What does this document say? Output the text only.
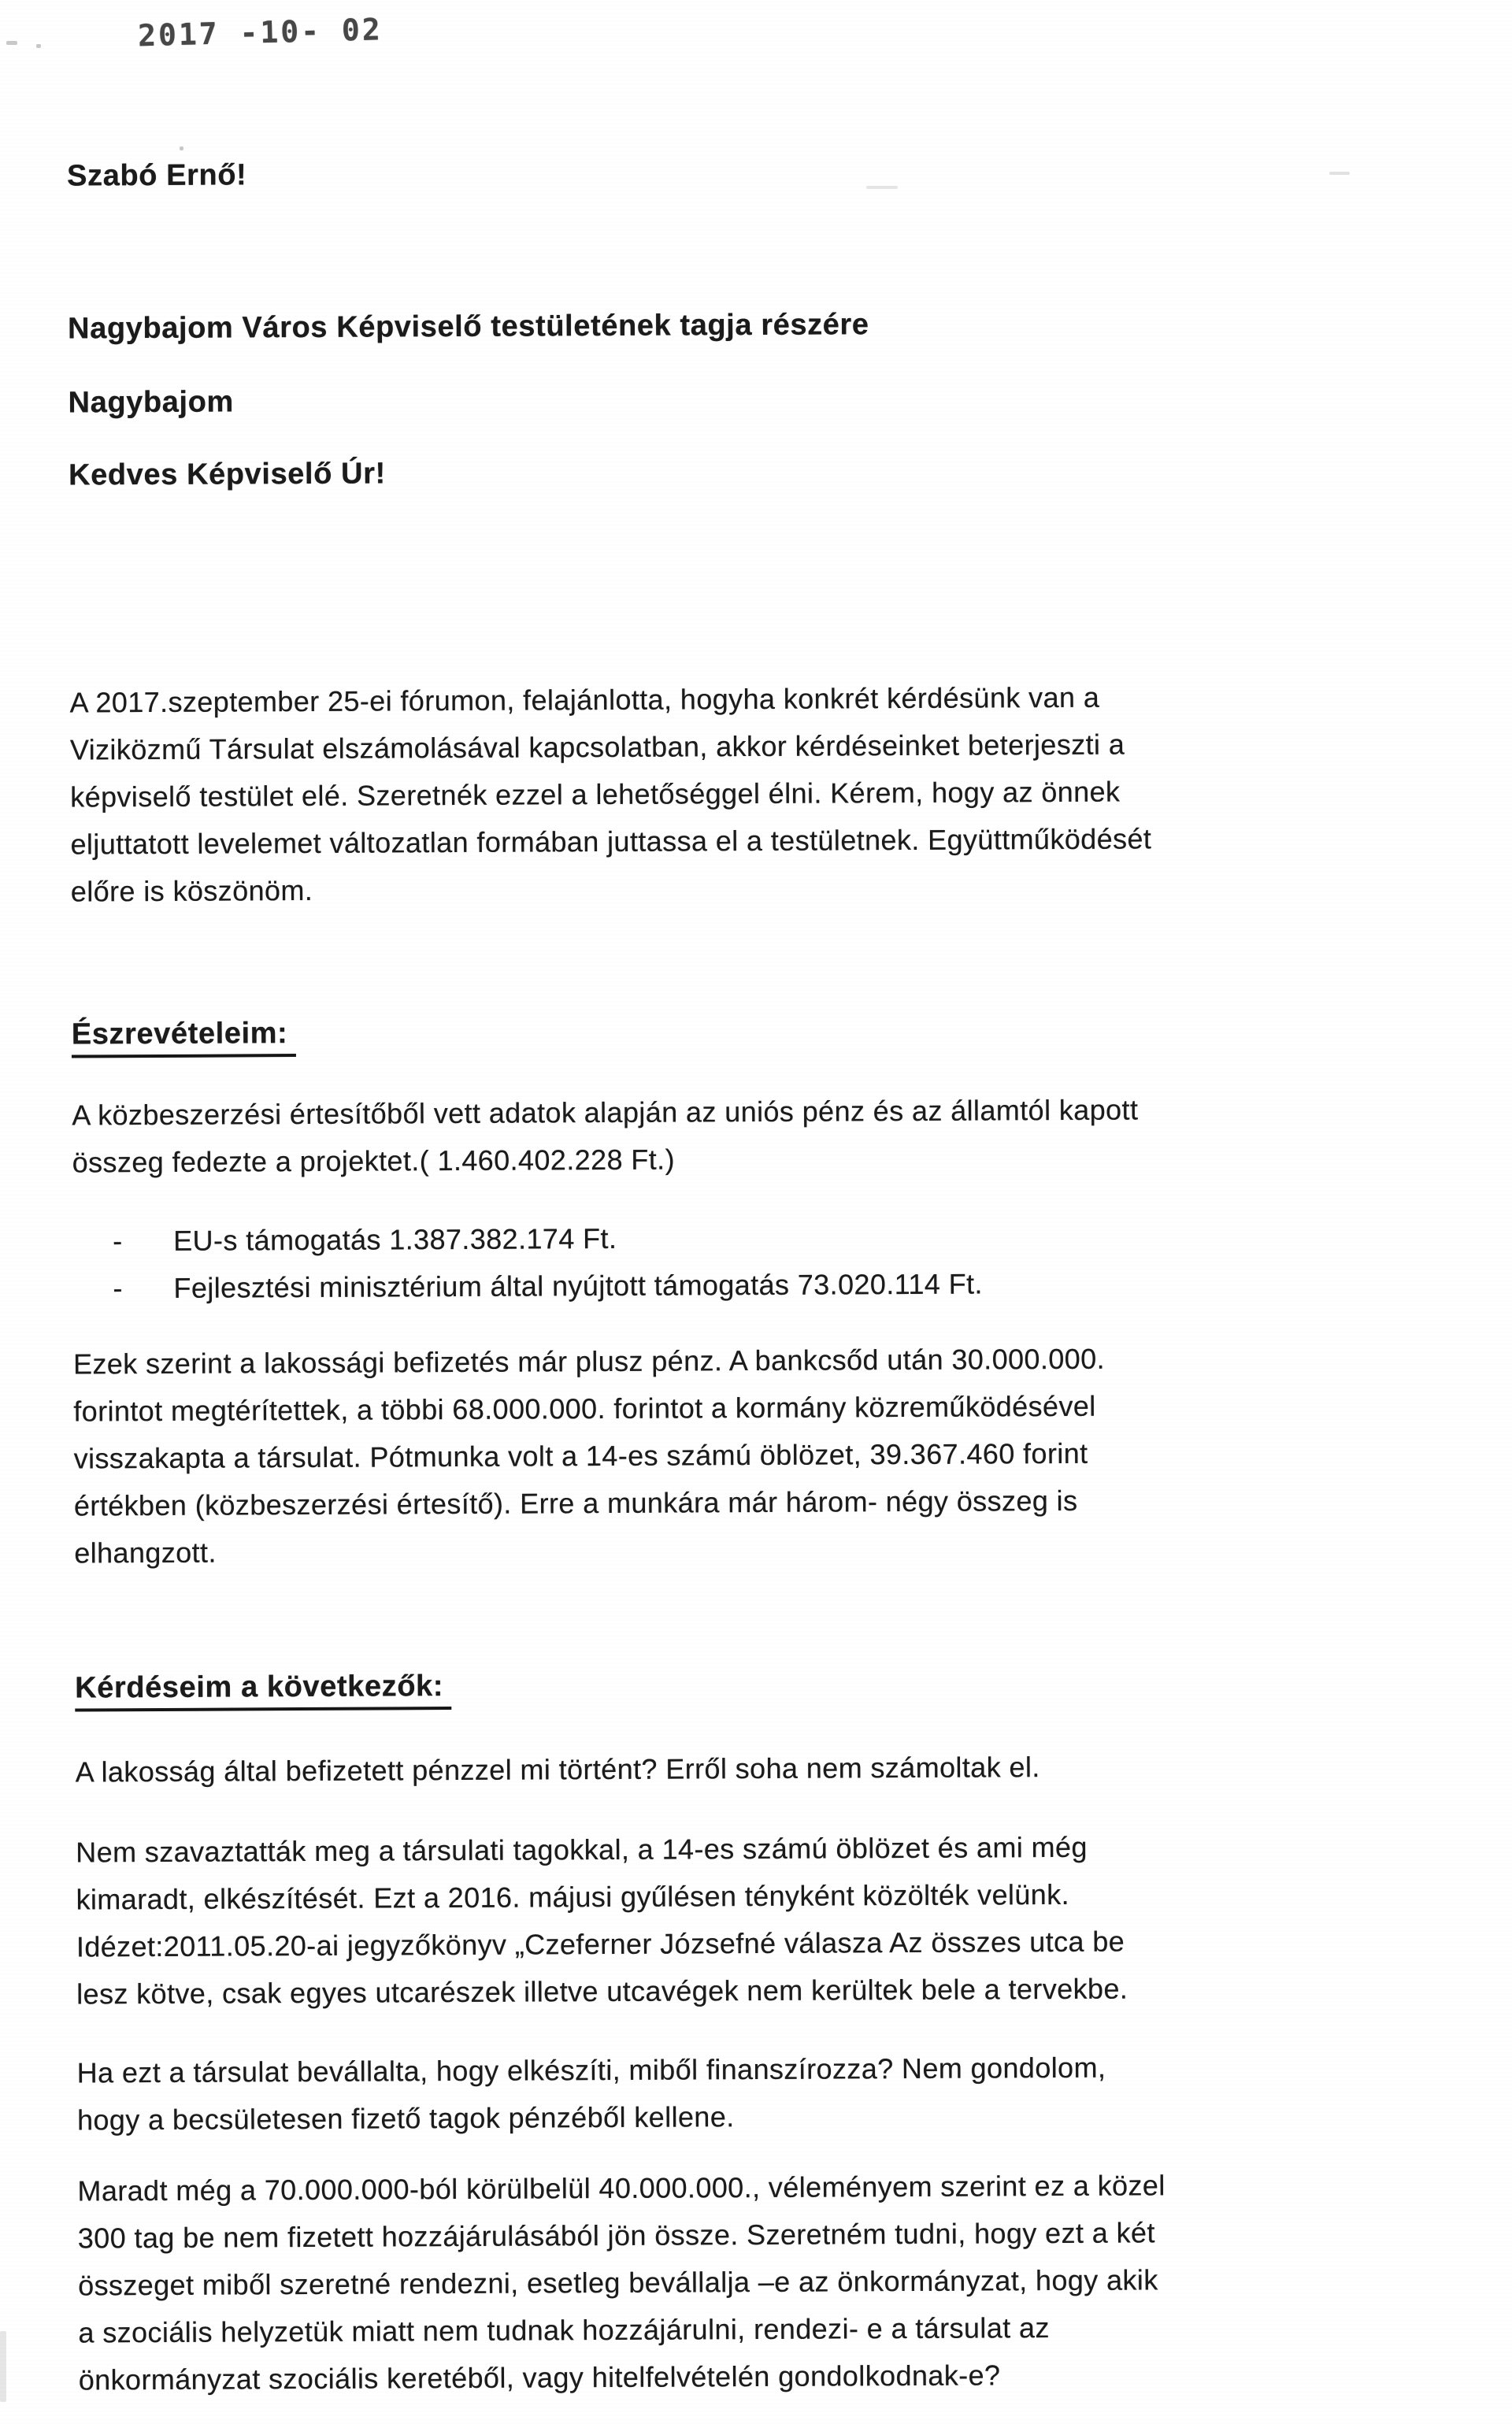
2017 -10- 02
Szabó Ernő!
Nagybajom Város Képviselő testületének tagja részére
Nagybajom
Kedves Képviselő Úr!
A 2017.szeptember 25-ei fórumon, felajánlotta, hogyha konkrét kérdésünk van a
Viziközmű Társulat elszámolásával kapcsolatban, akkor kérdéseinket beterjeszti a
képviselő testület elé. Szeretnék ezzel a lehetőséggel élni. Kérem, hogy az önnek
eljuttatott levelemet változatlan formában juttassa el a testületnek. Együttműködését
előre is köszönöm.
Észrevételeim:
A közbeszerzési értesítőből vett adatok alapján az uniós pénz és az államtól kapott
összeg fedezte a projektet.( 1.460.402.228 Ft.)
-	EU-s támogatás 1.387.382.174 Ft.
-	Fejlesztési minisztérium által nyújtott támogatás 73.020.114 Ft.
Ezek szerint a lakossági befizetés már plusz pénz. A bankcsőd után 30.000.000.
forintot megtérítettek, a többi 68.000.000. forintot a kormány közreműködésével
visszakapta a társulat. Pótmunka volt a 14-es számú öblözet, 39.367.460 forint
értékben (közbeszerzési értesítő). Erre a munkára már három- négy összeg is
elhangzott.
Kérdéseim a következők:
A lakosság által befizetett pénzzel mi történt? Erről soha nem számoltak el.
Nem szavaztatták meg a társulati tagokkal, a 14-es számú öblözet és ami még
kimaradt, elkészítését. Ezt a 2016. májusi gyűlésen tényként közölték velünk.
Idézet:2011.05.20-ai jegyzőkönyv „Czeferner Józsefné válasza Az összes utca be
lesz kötve, csak egyes utcarészek illetve utcavégek nem kerültek bele a tervekbe.
Ha ezt a társulat bevállalta, hogy elkészíti, miből finanszírozza? Nem gondolom,
hogy a becsületesen fizető tagok pénzéből kellene.
Maradt még a 70.000.000-ból körülbelül 40.000.000., véleményem szerint ez a közel
300 tag be nem fizetett hozzájárulásából jön össze. Szeretném tudni, hogy ezt a két
összeget miből szeretné rendezni, esetleg bevállalja –e az önkormányzat, hogy akik
a szociális helyzetük miatt nem tudnak hozzájárulni, rendezi- e a társulat az
önkormányzat szociális keretéből, vagy hitelfelvételén gondolkodnak-e?
